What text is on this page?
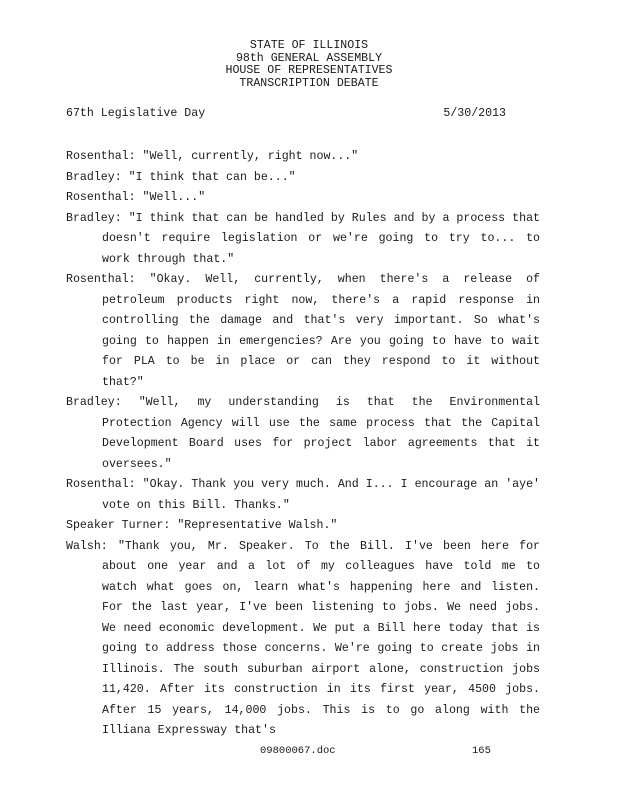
STATE OF ILLINOIS
98th GENERAL ASSEMBLY
HOUSE OF REPRESENTATIVES
TRANSCRIPTION DEBATE
67th Legislative Day	5/30/2013

Rosenthal: "Well, currently, right now..."

Bradley: "I think that can be..."

Rosenthal: "Well..."

Bradley: "I think that can be handled by Rules and by a process that doesn't require legislation or we're going to try to... to work through that."

Rosenthal: "Okay. Well, currently, when there's a release of petroleum products right now, there's a rapid response in controlling the damage and that's very important. So what's going to happen in emergencies? Are you going to have to wait for PLA to be in place or can they respond to it without that?"

Bradley: "Well, my understanding is that the Environmental Protection Agency will use the same process that the Capital Development Board uses for project labor agreements that it oversees."

Rosenthal: "Okay. Thank you very much. And I... I encourage an 'aye' vote on this Bill. Thanks."

Speaker Turner: "Representative Walsh."

Walsh: "Thank you, Mr. Speaker. To the Bill. I've been here for about one year and a lot of my colleagues have told me to watch what goes on, learn what's happening here and listen. For the last year, I've been listening to jobs. We need jobs. We need economic development. We put a Bill here today that is going to address those concerns. We're going to create jobs in Illinois. The south suburban airport alone, construction jobs 11,420. After its construction in its first year, 4500 jobs. After 15 years, 14,000 jobs. This is to go along with the Illiana Expressway that's

09800067.doc	165
